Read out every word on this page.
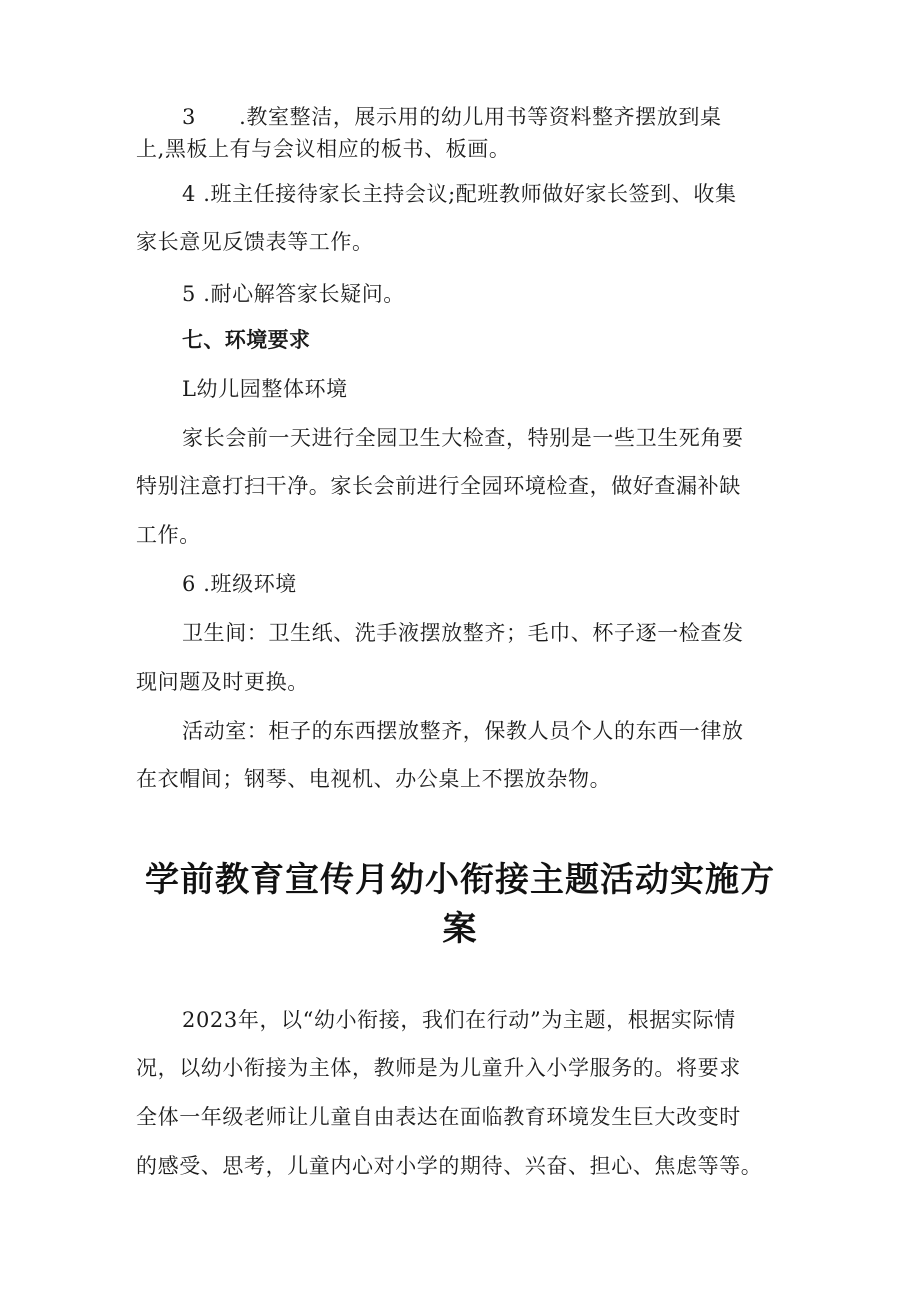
3  .教室整洁，展示用的幼儿用书等资料整齐摆放到桌

上,黑板上有与会议相应的板书、板画。

4 .班主任接待家长主持会议;配班教师做好家长签到、收集

家长意见反馈表等工作。

5 .耐心解答家长疑问。

七、环境要求

L幼儿园整体环境

家长会前一天进行全园卫生大检查，特别是一些卫生死角要

特别注意打扫干净。家长会前进行全园环境检查，做好查漏补缺

工作。

6 .班级环境

卫生间：卫生纸、洗手液摆放整齐；毛巾、杯子逐一检查发

现问题及时更换。

活动室：柜子的东西摆放整齐，保教人员个人的东西一律放

在衣帽间；钢琴、电视机、办公桌上不摆放杂物。

学前教育宣传月幼小衔接主题活动实施方
案

2023年，以“幼小衔接，我们在行动”为主题，根据实际情

况，以幼小衔接为主体，教师是为儿童升入小学服务的。将要求

全体一年级老师让儿童自由表达在面临教育环境发生巨大改变时

的感受、思考，儿童内心对小学的期待、兴奋、担心、焦虑等等。
